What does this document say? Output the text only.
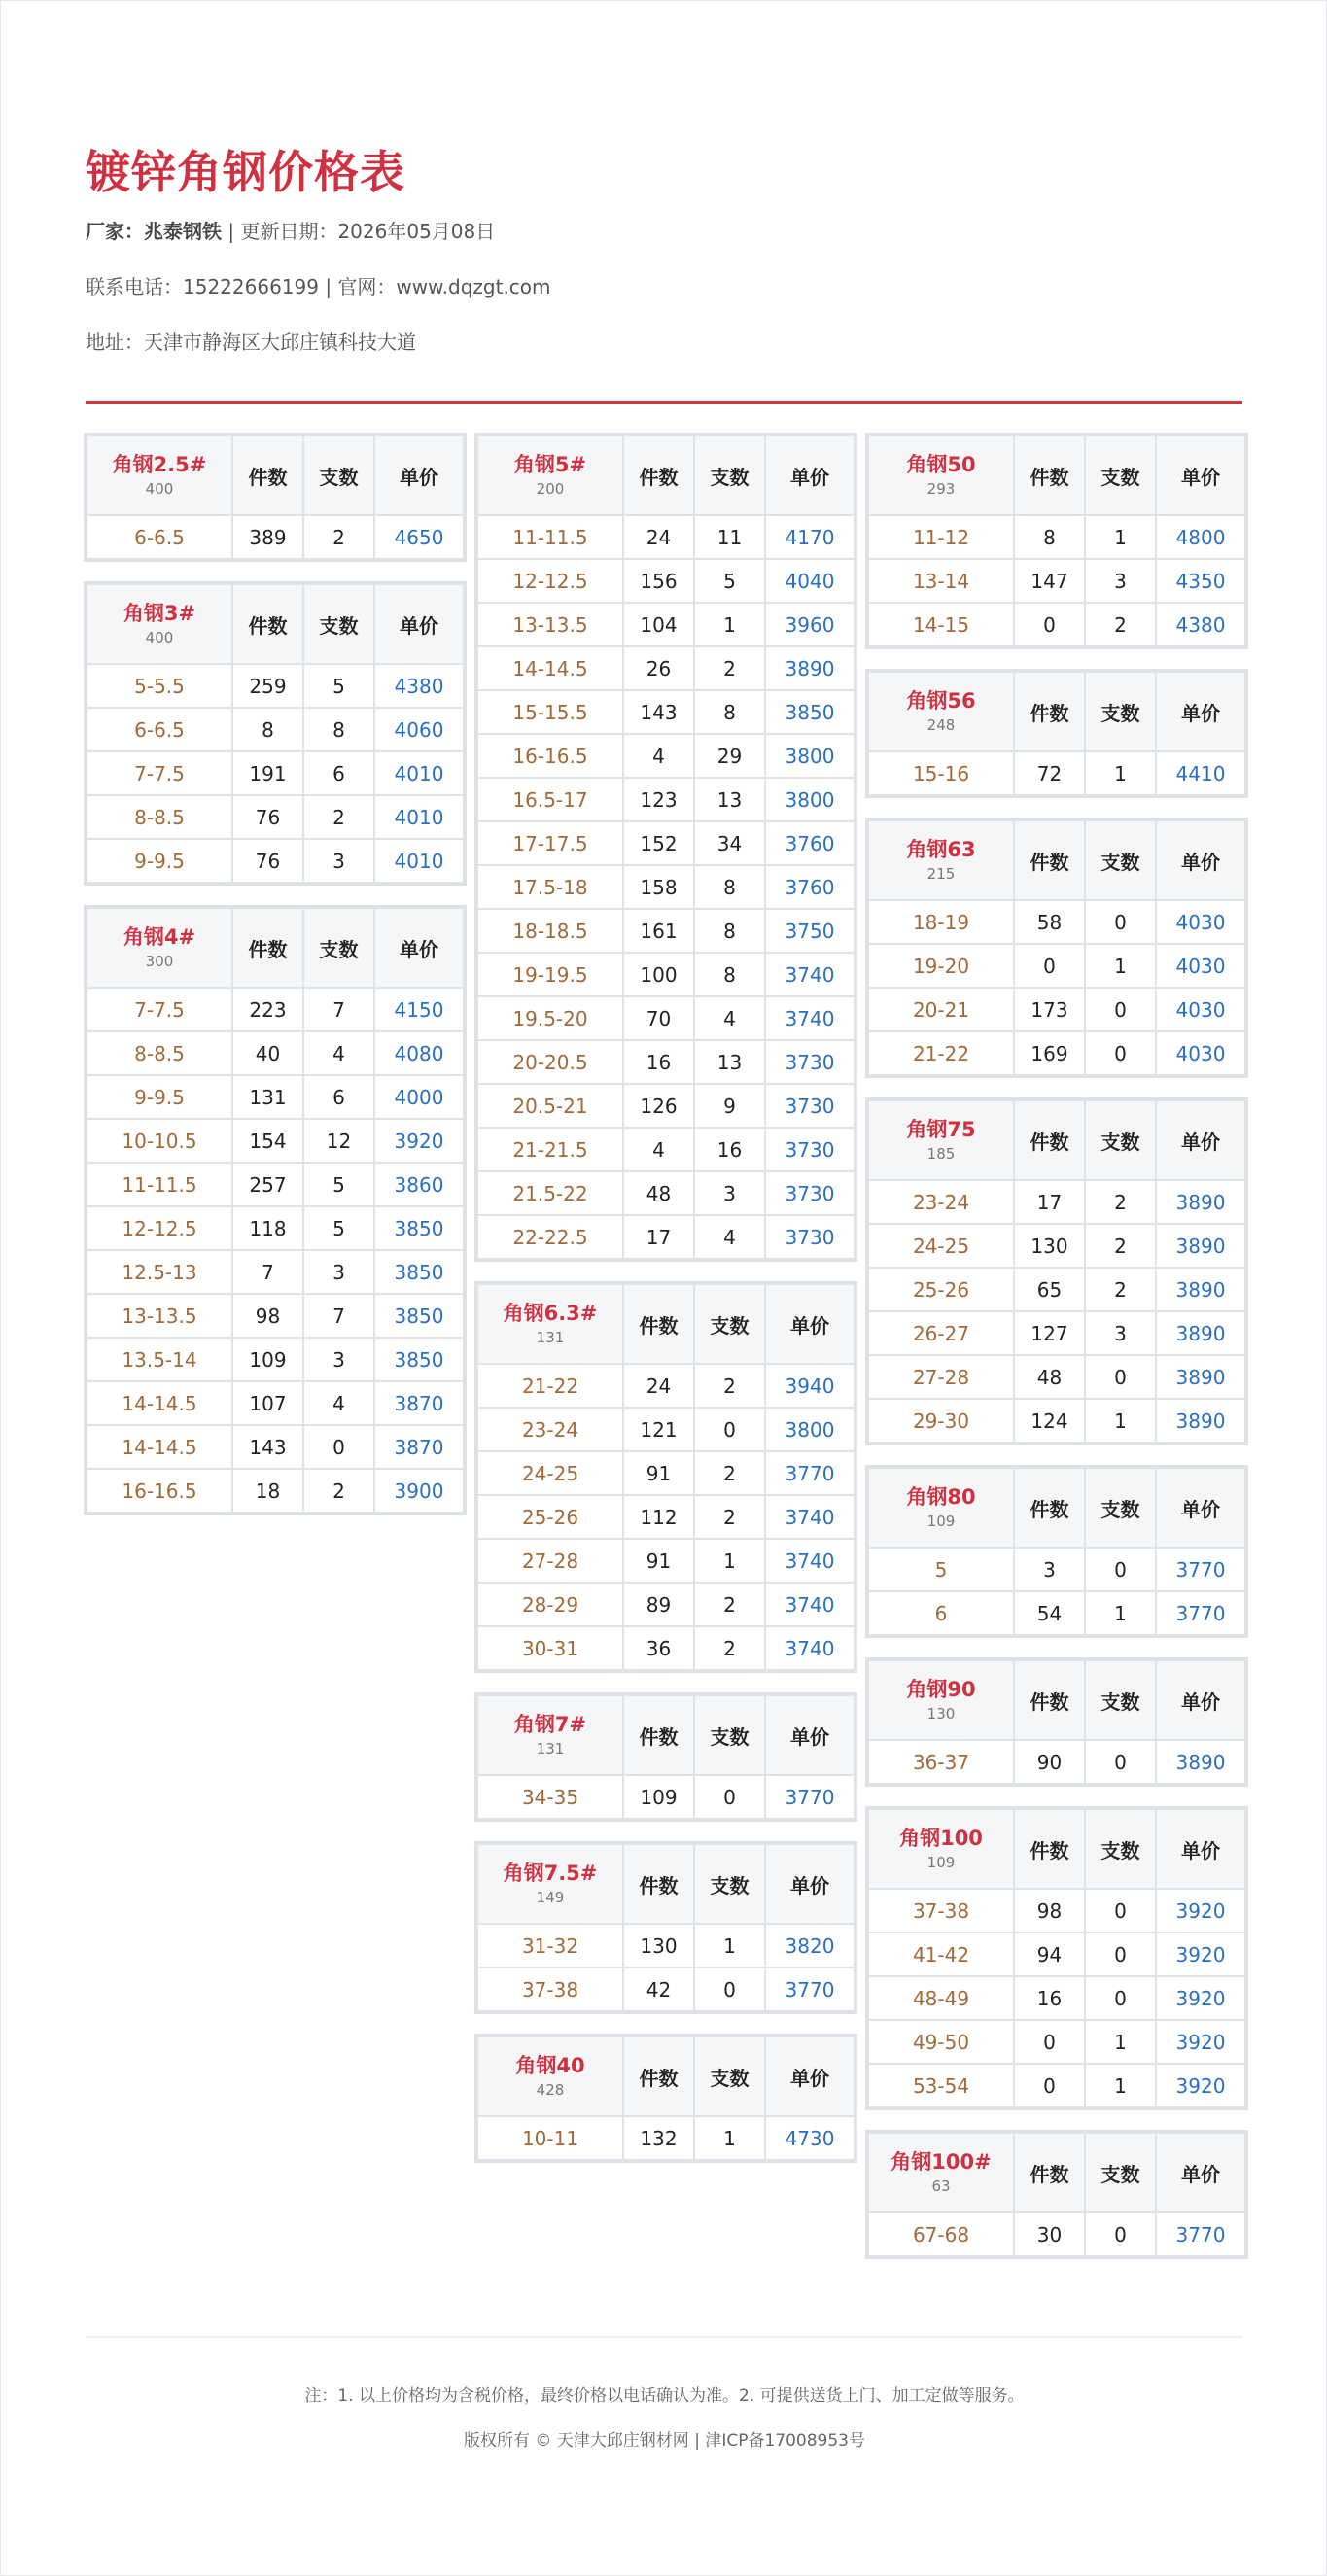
镀锌角钢价格表
厂家：兆泰钢铁 | 更新日期：2026年05月08日
联系电话：15222666199 | 官网：www.dqzgt.com
地址：天津市静海区大邱庄镇科技大道
角钢2.5#
400	件数	支数	单价
6-6.5	389	2	4650
角钢3#
400	件数	支数	单价
5-5.5	259	5	4380
6-6.5	8	8	4060
7-7.5	191	6	4010
8-8.5	76	2	4010
9-9.5	76	3	4010
角钢4#
300	件数	支数	单价
7-7.5	223	7	4150
8-8.5	40	4	4080
9-9.5	131	6	4000
10-10.5	154	12	3920
11-11.5	257	5	3860
12-12.5	118	5	3850
12.5-13	7	3	3850
13-13.5	98	7	3850
13.5-14	109	3	3850
14-14.5	107	4	3870
14-14.5	143	0	3870
16-16.5	18	2	3900
角钢5#
200	件数	支数	单价
11-11.5	24	11	4170
12-12.5	156	5	4040
13-13.5	104	1	3960
14-14.5	26	2	3890
15-15.5	143	8	3850
16-16.5	4	29	3800
16.5-17	123	13	3800
17-17.5	152	34	3760
17.5-18	158	8	3760
18-18.5	161	8	3750
19-19.5	100	8	3740
19.5-20	70	4	3740
20-20.5	16	13	3730
20.5-21	126	9	3730
21-21.5	4	16	3730
21.5-22	48	3	3730
22-22.5	17	4	3730
角钢6.3#
131	件数	支数	单价
21-22	24	2	3940
23-24	121	0	3800
24-25	91	2	3770
25-26	112	2	3740
27-28	91	1	3740
28-29	89	2	3740
30-31	36	2	3740
角钢7#
131	件数	支数	单价
34-35	109	0	3770
角钢7.5#
149	件数	支数	单价
31-32	130	1	3820
37-38	42	0	3770
角钢40
428	件数	支数	单价
10-11	132	1	4730
角钢50
293	件数	支数	单价
11-12	8	1	4800
13-14	147	3	4350
14-15	0	2	4380
角钢56
248	件数	支数	单价
15-16	72	1	4410
角钢63
215	件数	支数	单价
18-19	58	0	4030
19-20	0	1	4030
20-21	173	0	4030
21-22	169	0	4030
角钢75
185	件数	支数	单价
23-24	17	2	3890
24-25	130	2	3890
25-26	65	2	3890
26-27	127	3	3890
27-28	48	0	3890
29-30	124	1	3890
角钢80
109	件数	支数	单价
5	3	0	3770
6	54	1	3770
角钢90
130	件数	支数	单价
36-37	90	0	3890
角钢100
109	件数	支数	单价
37-38	98	0	3920
41-42	94	0	3920
48-49	16	0	3920
49-50	0	1	3920
53-54	0	1	3920
角钢100#
63	件数	支数	单价
67-68	30	0	3770
注：1. 以上价格均为含税价格，最终价格以电话确认为准。2. 可提供送货上门、加工定做等服务。
版权所有 © 天津大邱庄钢材网 | 津ICP备17008953号
